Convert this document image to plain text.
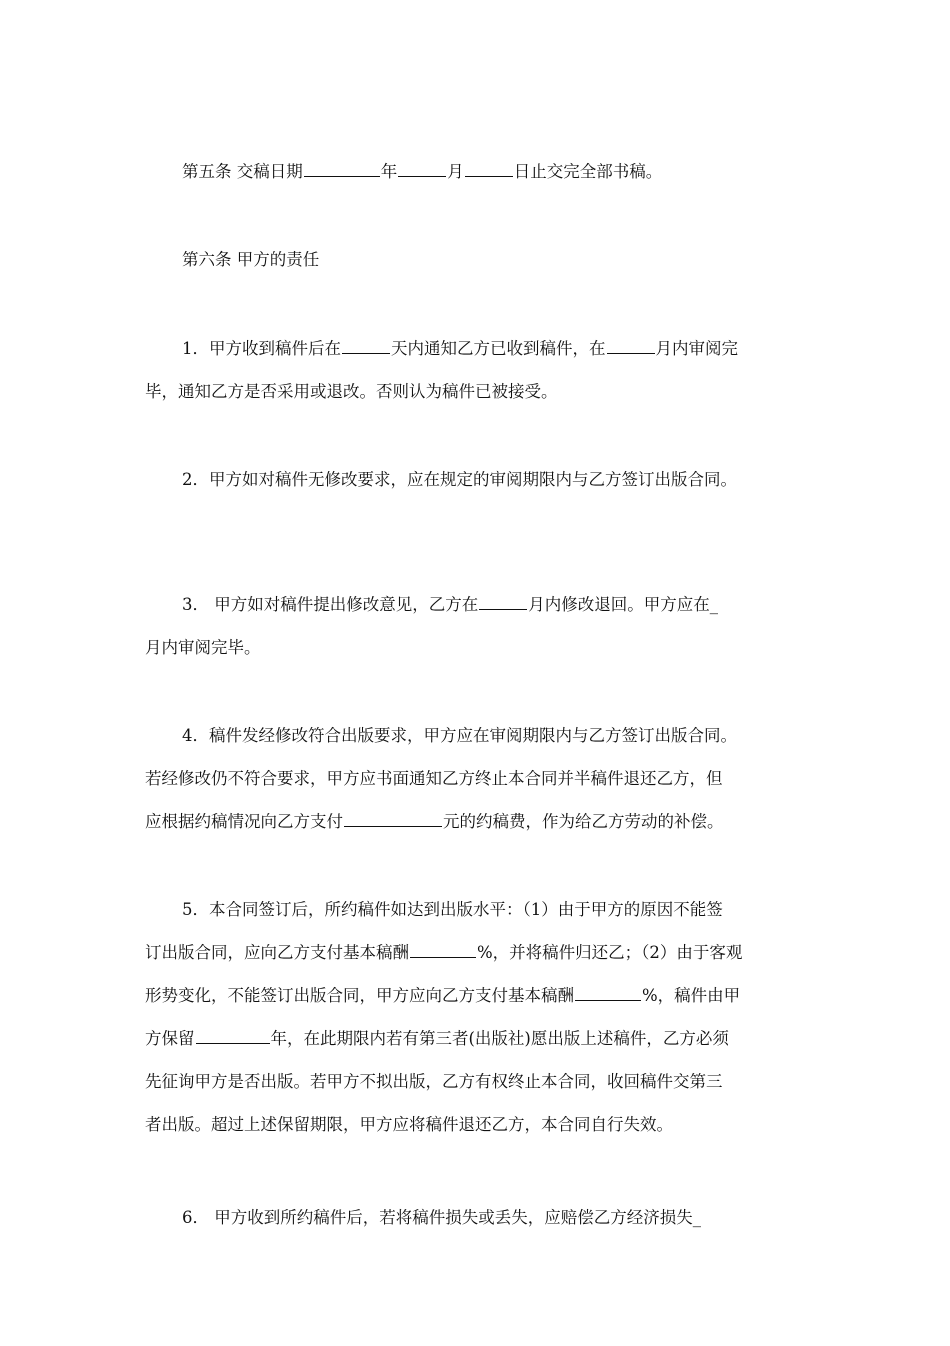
第五条 交稿日期	年	月	日止交完全部书稿。
第六条 甲方的责任
1．甲方收到稿件后在	天内通知乙方已收到稿件，在	月内审阅完
毕，通知乙方是否采用或退改。否则认为稿件已被接受。
2．甲方如对稿件无修改要求，应在规定的审阅期限内与乙方签订出版合同。
3． 甲方如对稿件提出修改意见，乙方在	月内修改退回。甲方应在_
月内审阅完毕。
4．稿件发经修改符合出版要求，甲方应在审阅期限内与乙方签订出版合同。
若经修改仍不符合要求，甲方应书面通知乙方终止本合同并半稿件退还乙方，但
应根据约稿情况向乙方支付	元的约稿费，作为给乙方劳动的补偿。
5．本合同签订后，所约稿件如达到出版水平：（1）由于甲方的原因不能签
订出版合同，应向乙方支付基本稿酬	%，并将稿件归还乙；（2）由于客观
形势变化，不能签订出版合同，甲方应向乙方支付基本稿酬	%，稿件由甲
方保留	年，在此期限内若有第三者(出版社)愿出版上述稿件，乙方必须
先征询甲方是否出版。若甲方不拟出版，乙方有权终止本合同，收回稿件交第三
者出版。超过上述保留期限，甲方应将稿件退还乙方，本合同自行失效。
6． 甲方收到所约稿件后，若将稿件损失或丢失，应赔偿乙方经济损失_
